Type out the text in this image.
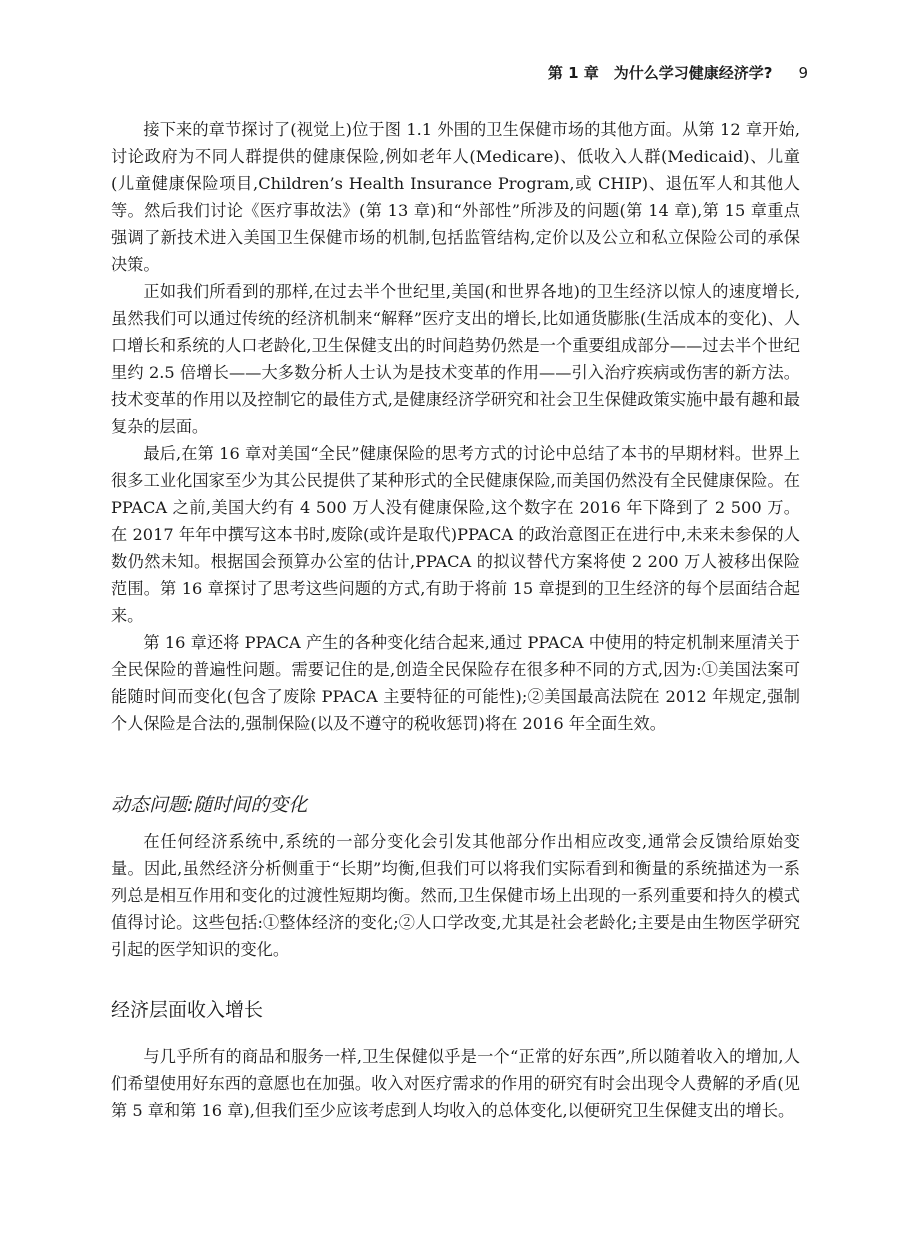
第 1 章　为什么学习健康经济学? 9

接下来的章节探讨了(视觉上)位于图 1.1 外围的卫生保健市场的其他方面。从第 12 章开始,讨论政府为不同人群提供的健康保险,例如老年人(Medicare)、低收入人群(Medicaid)、儿童(儿童健康保险项目,Children’s Health Insurance Program,或 CHIP)、退伍军人和其他人等。然后我们讨论《医疗事故法》(第 13 章)和“外部性”所涉及的问题(第 14 章),第 15 章重点强调了新技术进入美国卫生保健市场的机制,包括监管结构,定价以及公立和私立保险公司的承保决策。

正如我们所看到的那样,在过去半个世纪里,美国(和世界各地)的卫生经济以惊人的速度增长,虽然我们可以通过传统的经济机制来“解释”医疗支出的增长,比如通货膨胀(生活成本的变化)、人口增长和系统的人口老龄化,卫生保健支出的时间趋势仍然是一个重要组成部分——过去半个世纪里约 2.5 倍增长——大多数分析人士认为是技术变革的作用——引入治疗疾病或伤害的新方法。技术变革的作用以及控制它的最佳方式,是健康经济学研究和社会卫生保健政策实施中最有趣和最复杂的层面。

最后,在第 16 章对美国“全民”健康保险的思考方式的讨论中总结了本书的早期材料。世界上很多工业化国家至少为其公民提供了某种形式的全民健康保险,而美国仍然没有全民健康保险。在 PPACA 之前,美国大约有 4 500 万人没有健康保险,这个数字在 2016 年下降到了 2 500 万。在 2017 年年中撰写这本书时,废除(或许是取代)PPACA 的政治意图正在进行中,未来未参保的人数仍然未知。根据国会预算办公室的估计,PPACA 的拟议替代方案将使 2 200 万人被移出保险范围。第 16 章探讨了思考这些问题的方式,有助于将前 15 章提到的卫生经济的每个层面结合起来。

第 16 章还将 PPACA 产生的各种变化结合起来,通过 PPACA 中使用的特定机制来厘清关于全民保险的普遍性问题。需要记住的是,创造全民保险存在很多种不同的方式,因为:①美国法案可能随时间而变化(包含了废除 PPACA 主要特征的可能性);②美国最高法院在 2012 年规定,强制个人保险是合法的,强制保险(以及不遵守的税收惩罚)将在 2016 年全面生效。

动态问题:随时间的变化

在任何经济系统中,系统的一部分变化会引发其他部分作出相应改变,通常会反馈给原始变量。因此,虽然经济分析侧重于“长期”均衡,但我们可以将我们实际看到和衡量的系统描述为一系列总是相互作用和变化的过渡性短期均衡。然而,卫生保健市场上出现的一系列重要和持久的模式值得讨论。这些包括:①整体经济的变化;②人口学改变,尤其是社会老龄化;主要是由生物医学研究引起的医学知识的变化。

经济层面收入增长

与几乎所有的商品和服务一样,卫生保健似乎是一个“正常的好东西”,所以随着收入的增加,人们希望使用好东西的意愿也在加强。收入对医疗需求的作用的研究有时会出现令人费解的矛盾(见第 5 章和第 16 章),但我们至少应该考虑到人均收入的总体变化,以便研究卫生保健支出的增长。
